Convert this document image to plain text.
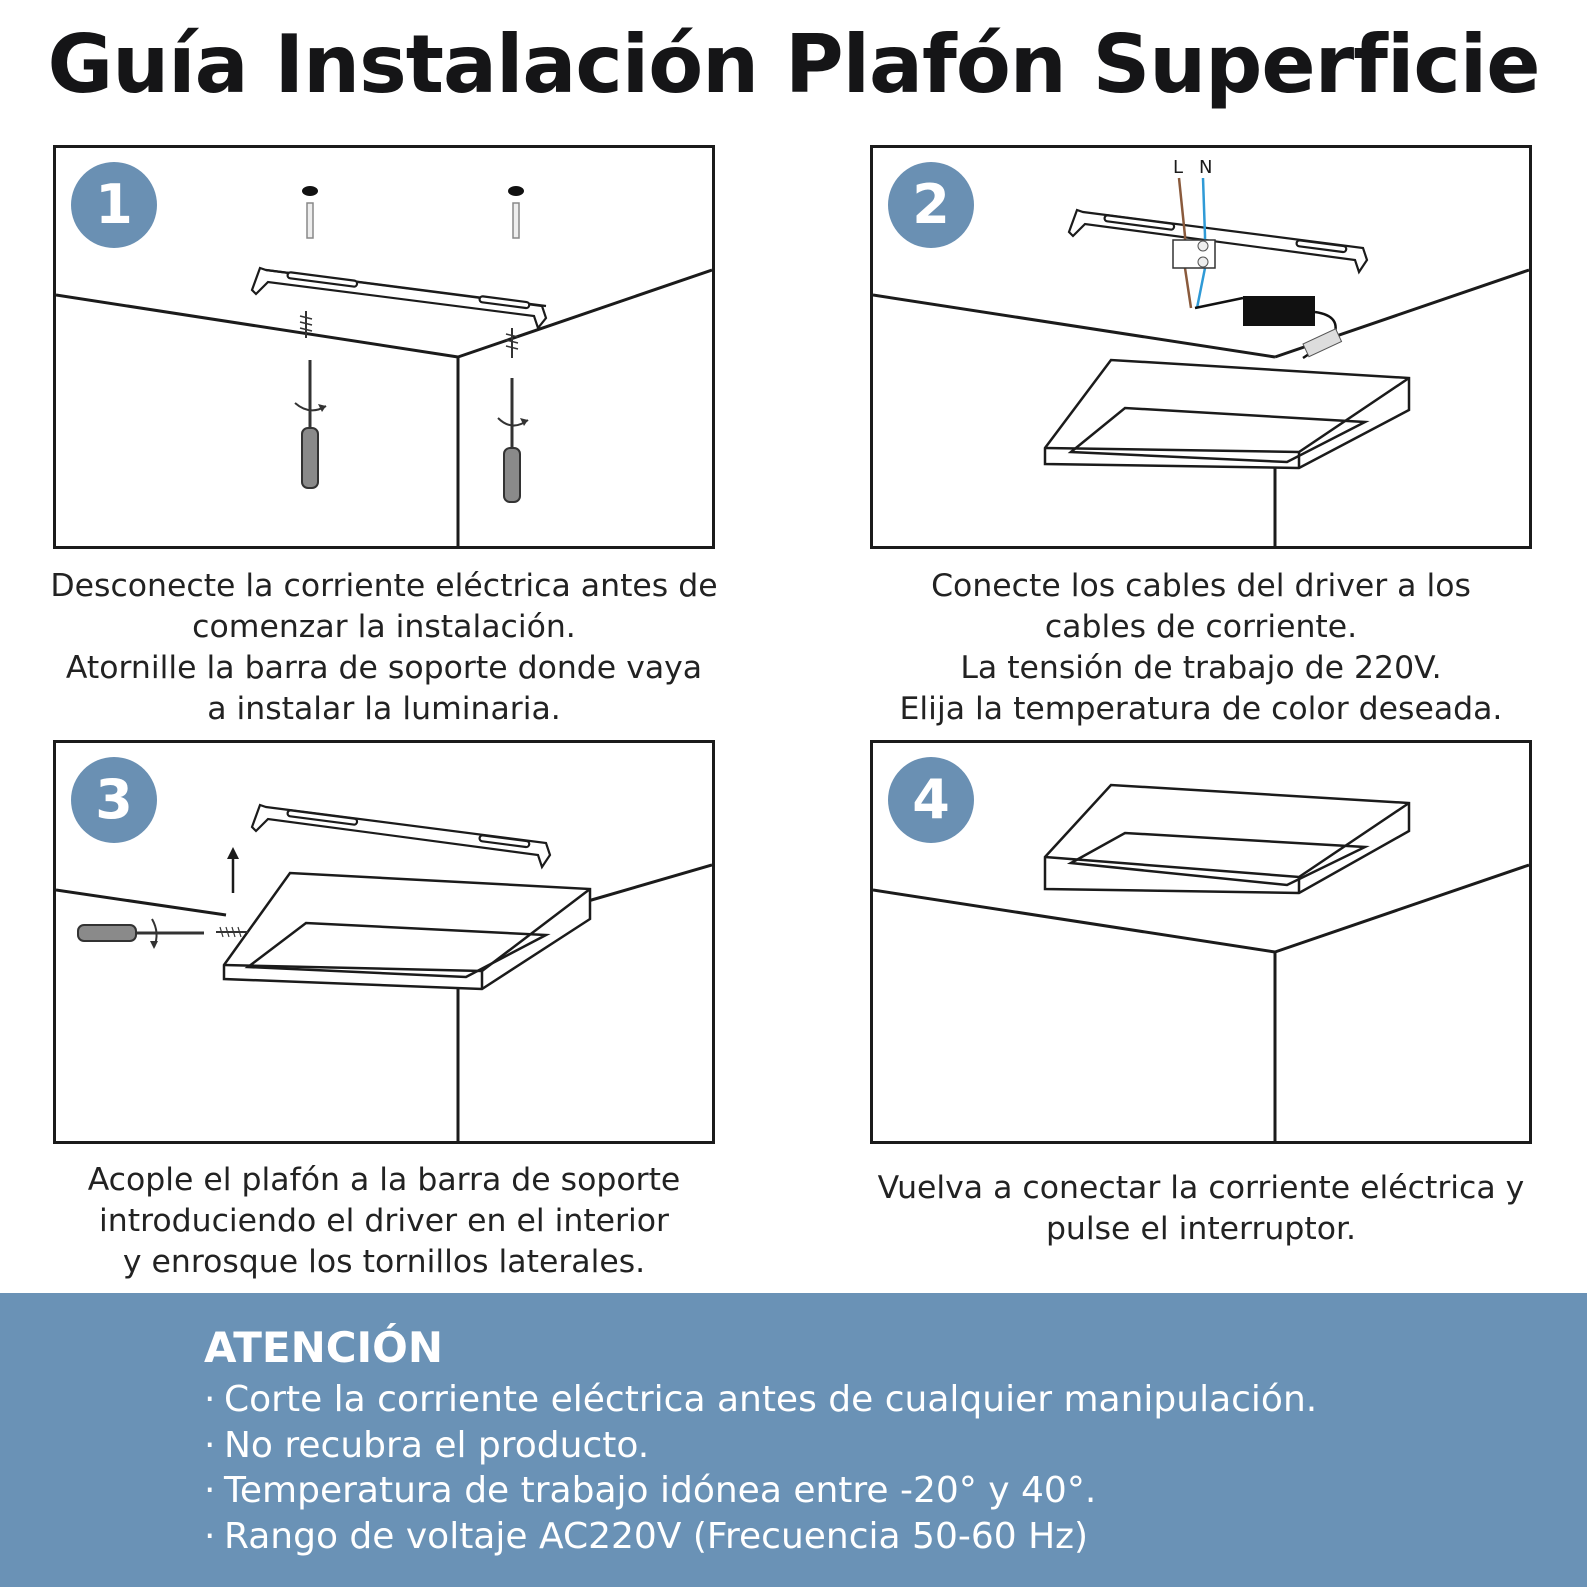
Guía Instalación Plafón Superficie
1
Desconecte la corriente eléctrica antes de
comenzar la instalación.
Atornille la barra de soporte donde vaya
a instalar la luminaria.
L N
2
Conecte los cables del driver a los
cables de corriente.
La tensión de trabajo de 220V.
Elija la temperatura de color deseada.
3
Acople el plafón a la barra de soporte
introduciendo el driver en el interior
y enrosque los tornillos laterales.
4
Vuelva a conectar la corriente eléctrica y
pulse el interruptor.
ATENCIÓN
· Corte la corriente eléctrica antes de cualquier manipulación.
· No recubra el producto.
· Temperatura de trabajo idónea entre -20° y 40°.
· Rango de voltaje AC220V (Frecuencia 50-60 Hz)
